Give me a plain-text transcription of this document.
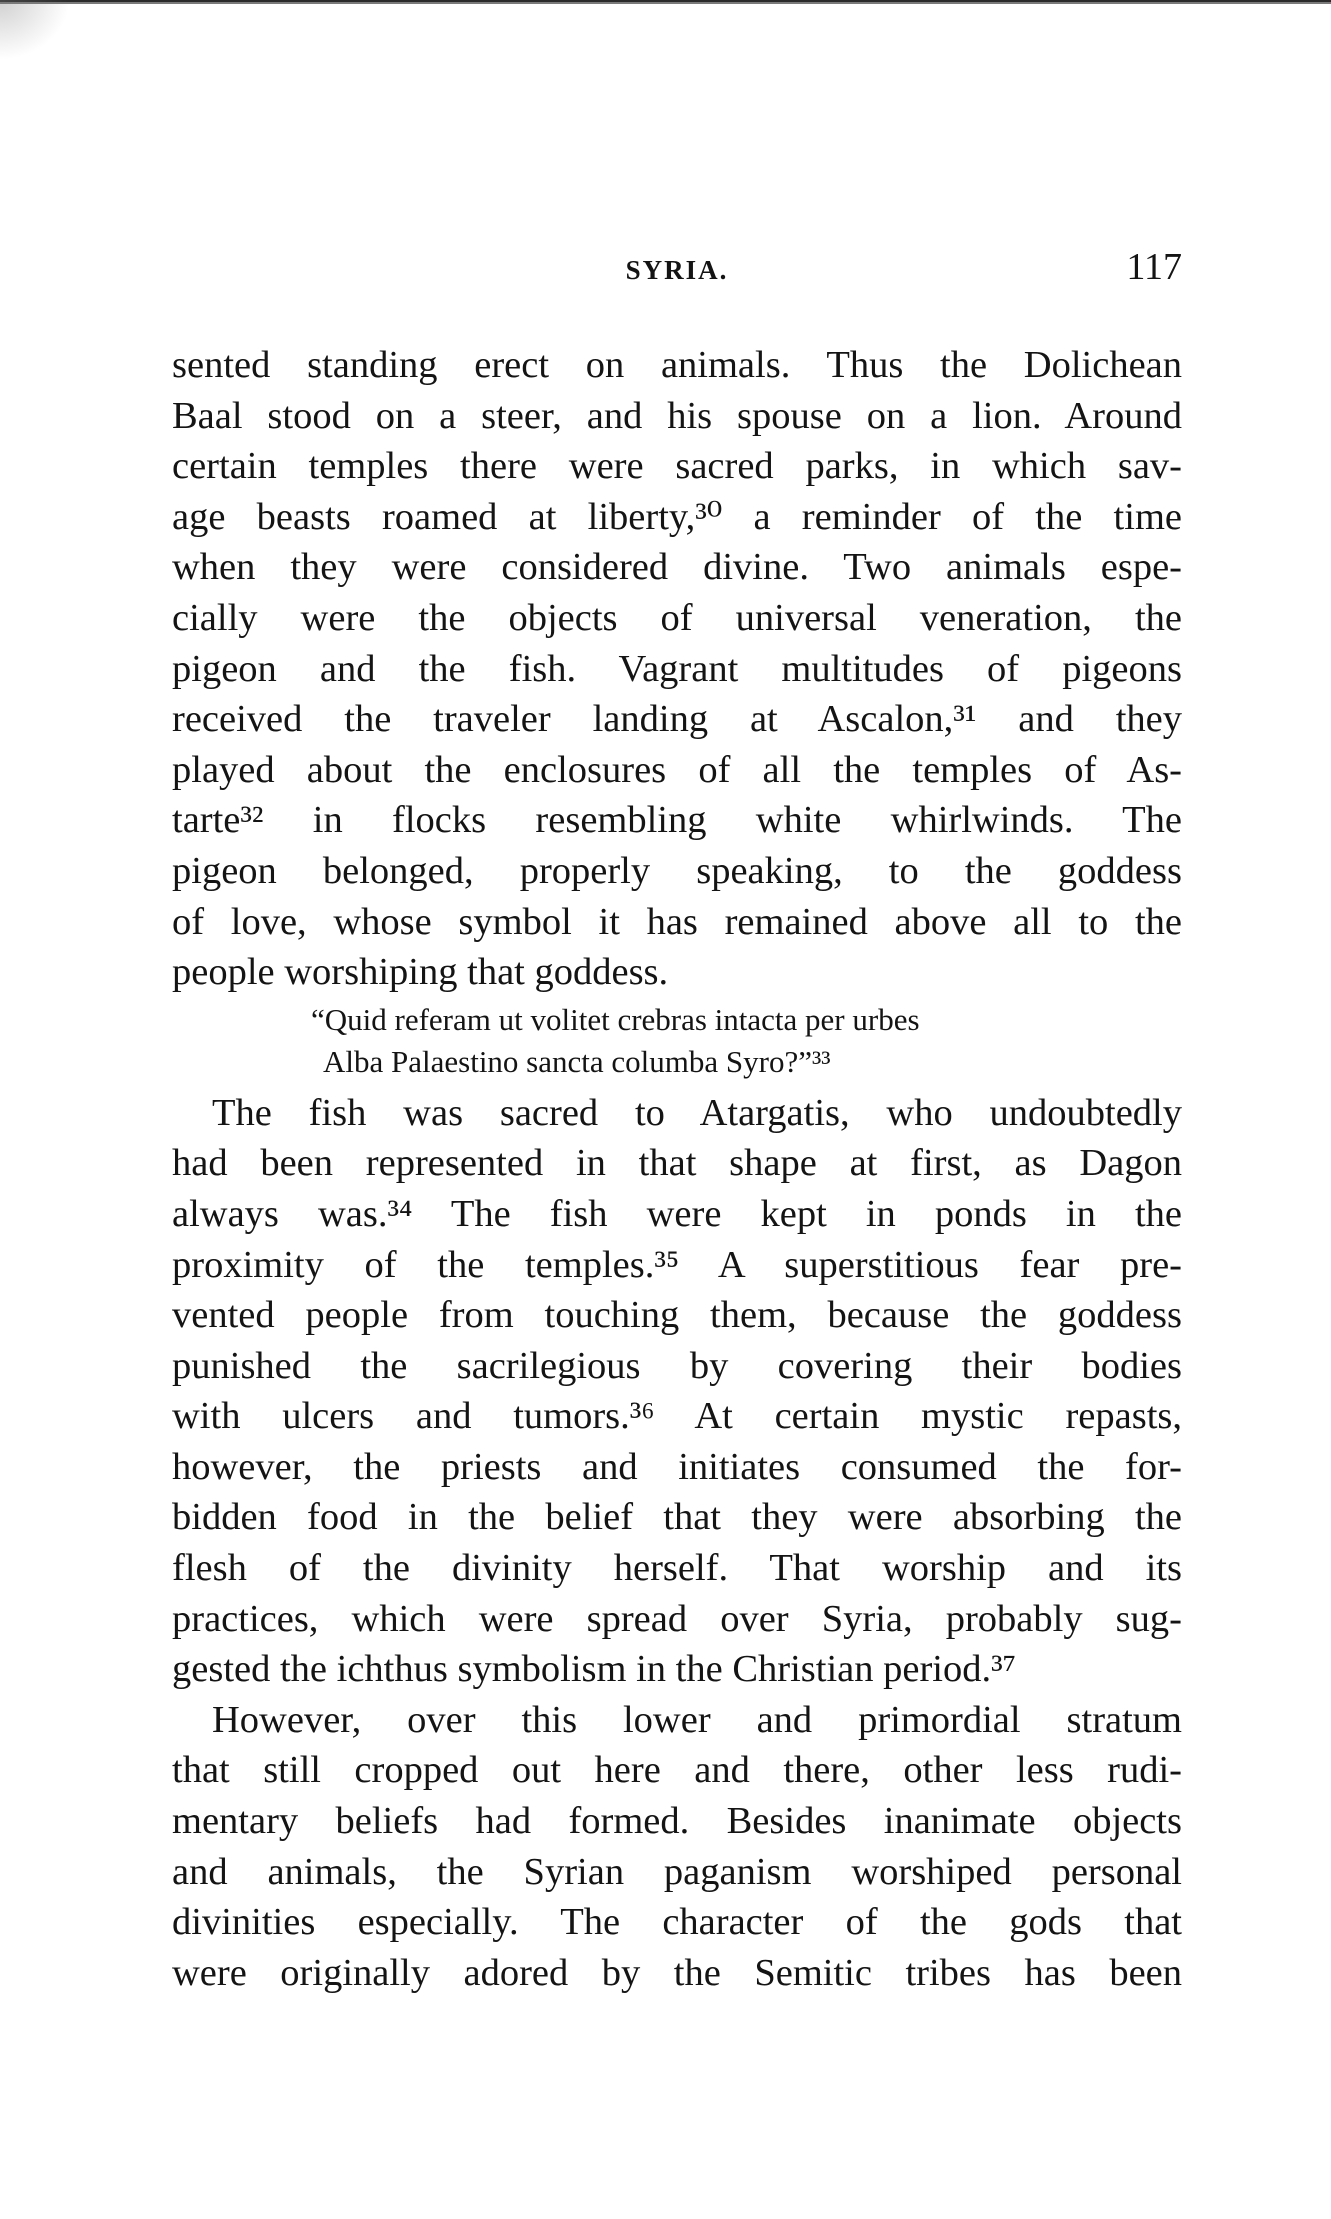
SYRIA.	117
sented standing erect on animals. Thus the Dolichean
Baal stood on a steer, and his spouse on a lion. Around
certain temples there were sacred parks, in which sav-
age beasts roamed at liberty,³⁰ a reminder of the time
when they were considered divine. Two animals espe-
cially were the objects of universal veneration, the
pigeon and the fish. Vagrant multitudes of pigeons
received the traveler landing at Ascalon,³¹ and they
played about the enclosures of all the temples of As-
tarte³² in flocks resembling white whirlwinds. The
pigeon belonged, properly speaking, to the goddess
of love, whose symbol it has remained above all to the
people worshiping that goddess.
“Quid referam ut volitet crebras intacta per urbes
Alba Palaestino sancta columba Syro?”³³
The fish was sacred to Atargatis, who undoubtedly
had been represented in that shape at first, as Dagon
always was.³⁴ The fish were kept in ponds in the
proximity of the temples.³⁵ A superstitious fear pre-
vented people from touching them, because the goddess
punished the sacrilegious by covering their bodies
with ulcers and tumors.³⁶ At certain mystic repasts,
however, the priests and initiates consumed the for-
bidden food in the belief that they were absorbing the
flesh of the divinity herself. That worship and its
practices, which were spread over Syria, probably sug-
gested the ichthus symbolism in the Christian period.³⁷
However, over this lower and primordial stratum
that still cropped out here and there, other less rudi-
mentary beliefs had formed. Besides inanimate objects
and animals, the Syrian paganism worshiped personal
divinities especially. The character of the gods that
were originally adored by the Semitic tribes has been
